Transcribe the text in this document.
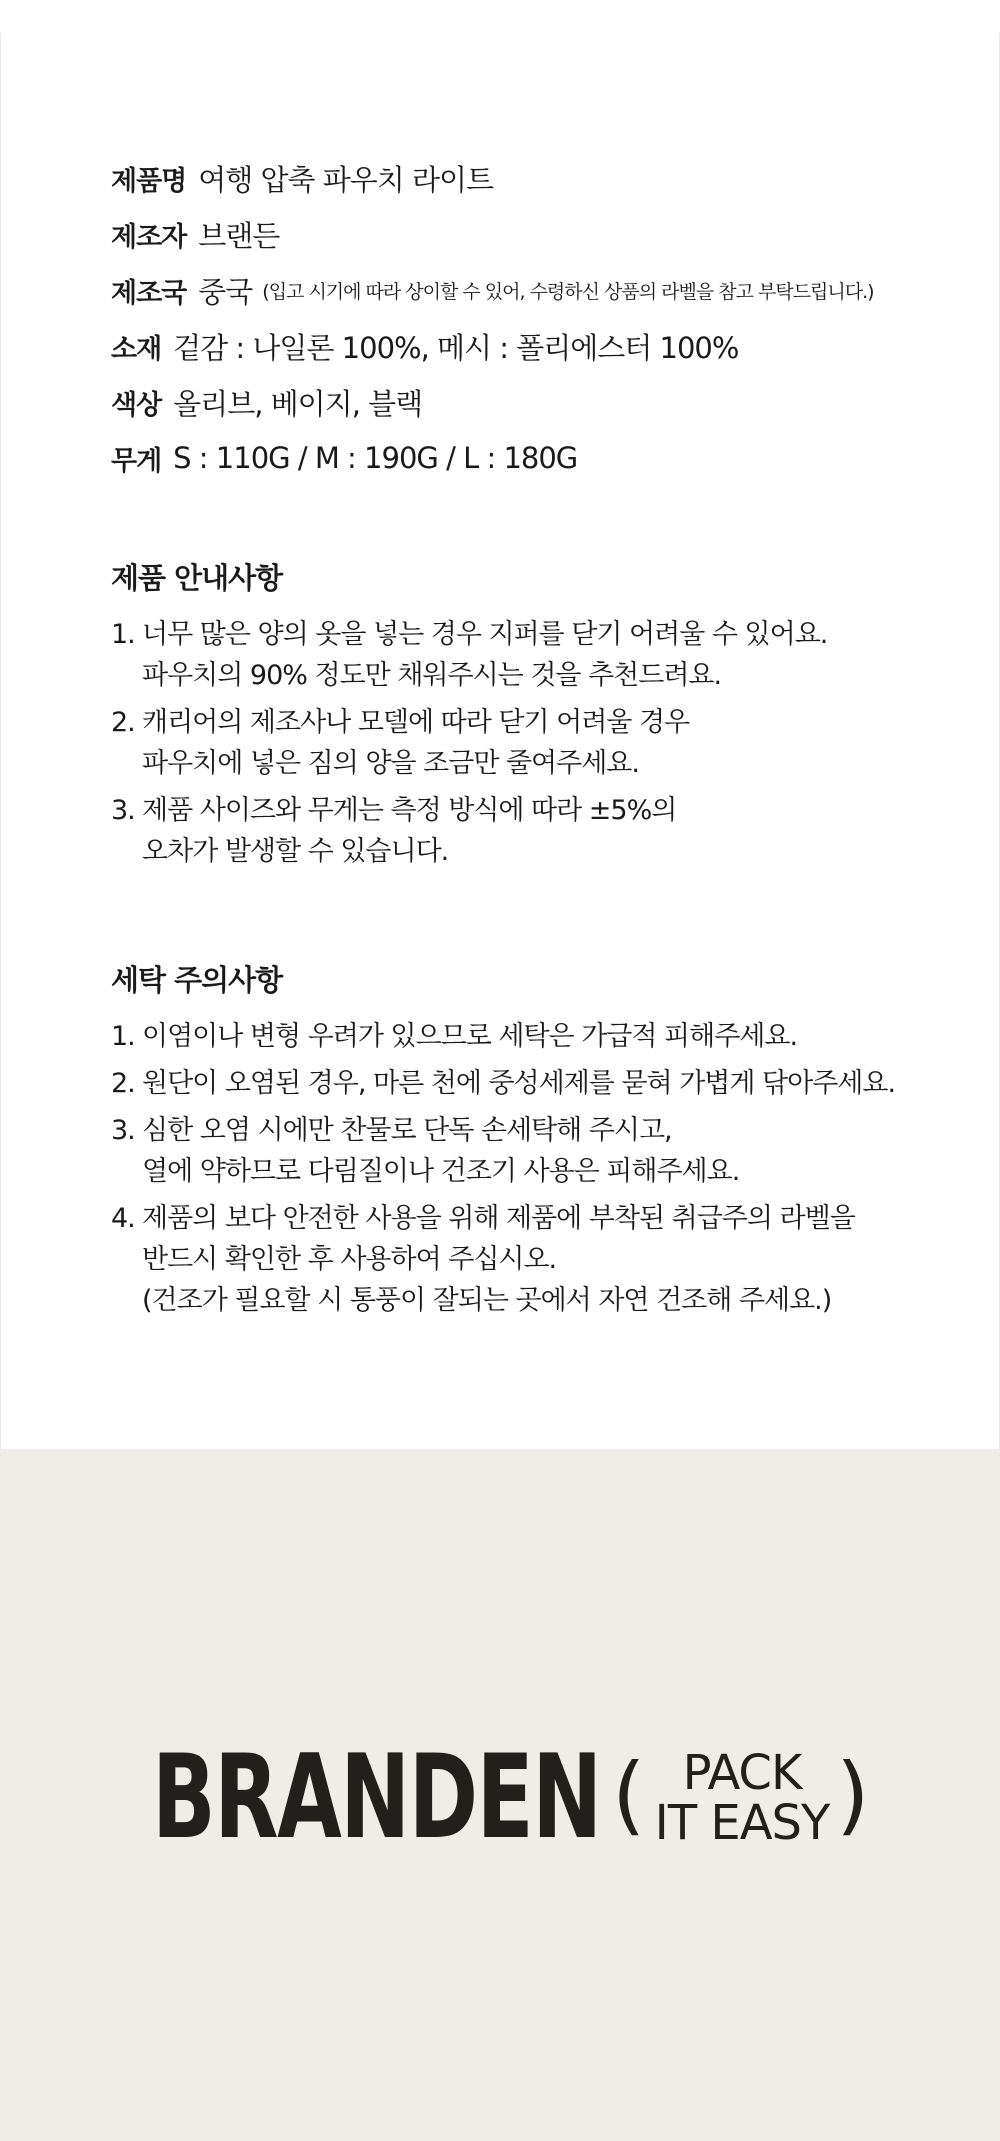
제품명 여행 압축 파우치 라이트
제조자 브랜든
제조국 중국 (입고 시기에 따라 상이할 수 있어, 수령하신 상품의 라벨을 참고 부탁드립니다.)
소재 겉감 : 나일론 100%, 메시 : 폴리에스터 100%
색상 올리브, 베이지, 블랙
무게 S : 110G / M : 190G / L : 180G
제품 안내사항
1. 너무 많은 양의 옷을 넣는 경우 지퍼를 닫기 어려울 수 있어요.
파우치의 90% 정도만 채워주시는 것을 추천드려요.
2. 캐리어의 제조사나 모델에 따라 닫기 어려울 경우
파우치에 넣은 짐의 양을 조금만 줄여주세요.
3. 제품 사이즈와 무게는 측정 방식에 따라 ±5%의
오차가 발생할 수 있습니다.
세탁 주의사항
1. 이염이나 변형 우려가 있으므로 세탁은 가급적 피해주세요.
2. 원단이 오염된 경우, 마른 천에 중성세제를 묻혀 가볍게 닦아주세요.
3. 심한 오염 시에만 찬물로 단독 손세탁해 주시고,
열에 약하므로 다림질이나 건조기 사용은 피해주세요.
4. 제품의 보다 안전한 사용을 위해 제품에 부착된 취급주의 라벨을
반드시 확인한 후 사용하여 주십시오.
(건조가 필요할 시 통풍이 잘되는 곳에서 자연 건조해 주세요.)
BRANDEN ( PACK
IT EASY )
